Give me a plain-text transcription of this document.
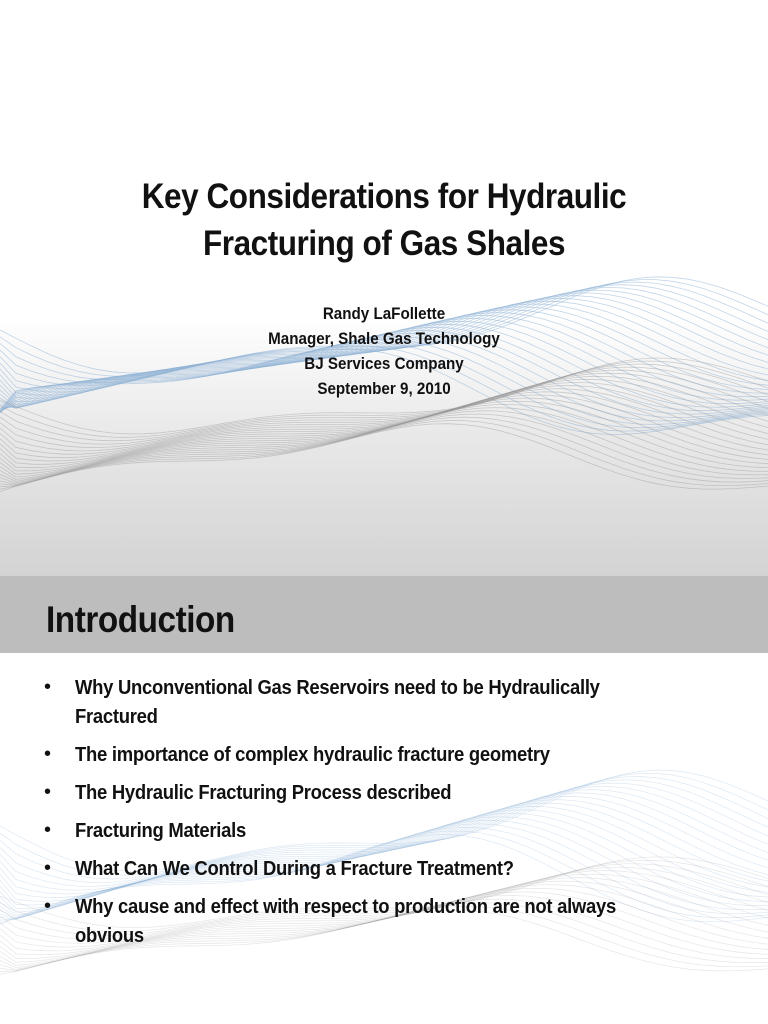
Key Considerations for Hydraulic
Fracturing of Gas Shales
Randy LaFollette
Manager, Shale Gas Technology
BJ Services Company
September 9, 2010
Introduction
• Why Unconventional Gas Reservoirs need to be Hydraulically
Fractured
• The importance of complex hydraulic fracture geometry
• The Hydraulic Fracturing Process described
• Fracturing Materials
• What Can We Control During a Fracture Treatment?
• Why cause and effect with respect to production are not always
obvious
